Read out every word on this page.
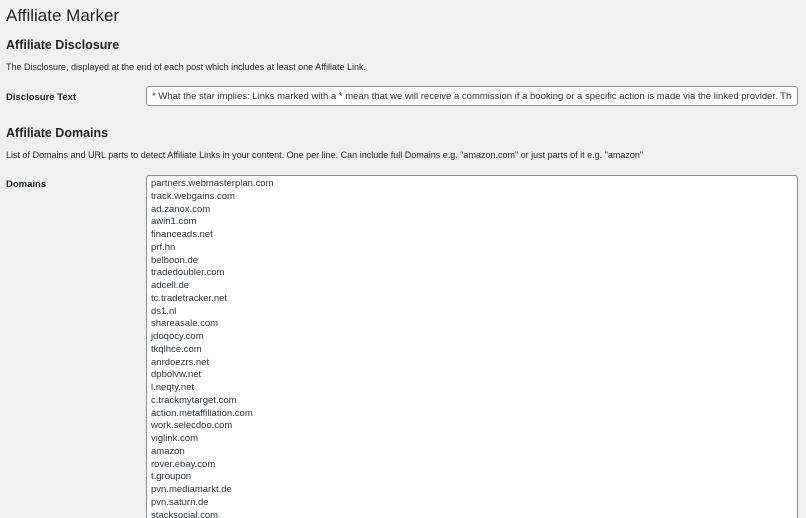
Affiliate Marker
Affiliate Disclosure

The Disclosure, displayed at the end of each post which includes at least one Affiliate Link.

Disclosure Text
* What the star implies: Links marked with a * mean that we will receive a commission if a booking or a specific action is made via the linked provider. There
Affiliate Domains

List of Domains and URL parts to detect Affiliate Links in your content. One per line. Can include full Domains e.g. "amazon.com" or just parts of it e.g. "amazon"

Domains	partners.webmasterplan.com
track.webgains.com
ad.zanox.com
awin1.com
financeads.net
prf.hn
belboon.de
tradedoubler.com
adcell.de
tc.tradetracker.net
ds1.nl
shareasale.com
jdoqocy.com
tkqlhce.com
anrdoezrs.net
dpbolvw.net
l.neqty.net
c.trackmytarget.com
action.metaffiliation.com
work.selecdoo.com
viglink.com
amazon
rover.ebay.com
t.groupon
pvn.mediamarkt.de
pvn.saturn.de
stacksocial.com
